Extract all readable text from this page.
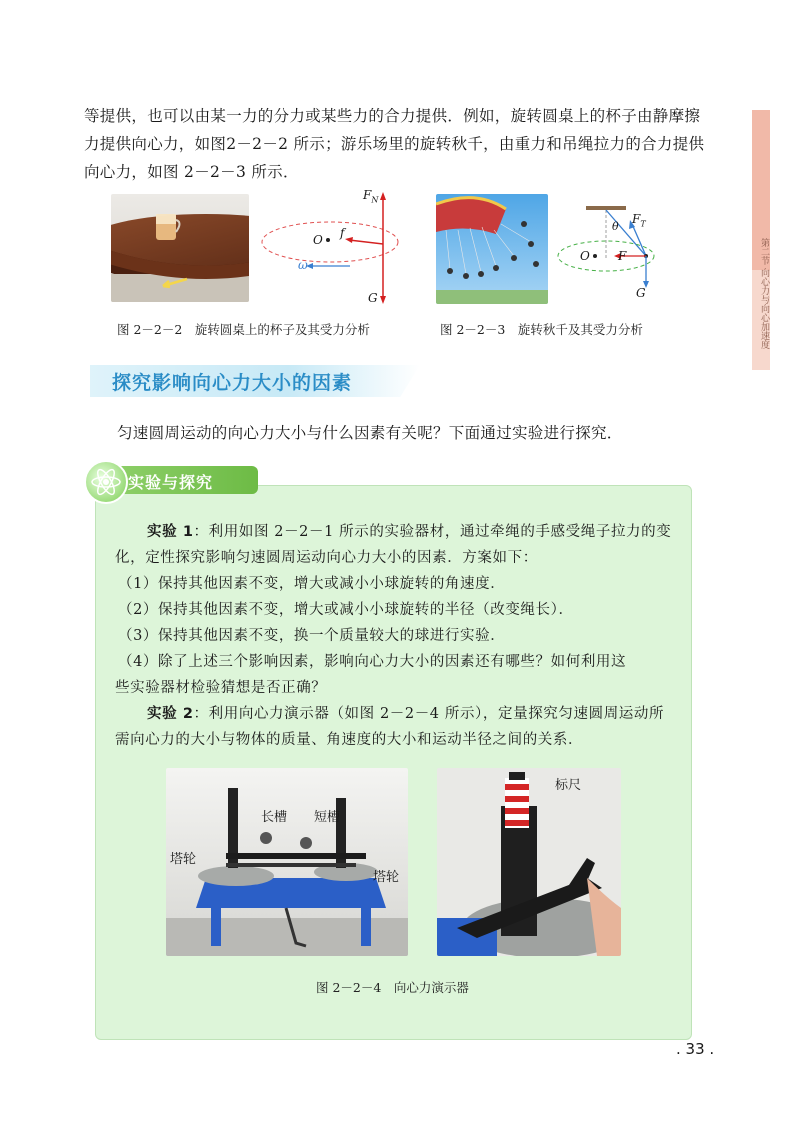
第二节 向心力与向心加速度
等提供，也可以由某一力的分力或某些力的合力提供．例如，旋转圆桌上的杯子由静摩擦
力提供向心力，如图2－2－2 所示；游乐场里的旋转秋千，由重力和吊绳拉力的合力提供
向心力，如图 2－2－3 所示．
$F_N$
O f
ω
G
$F_T$
θ
O F
G
图 2－2－2　旋转圆桌上的杯子及其受力分析	图 2－2－3　旋转秋千及其受力分析
探究影响向心力大小的因素
匀速圆周运动的向心力大小与什么因素有关呢？下面通过实验进行探究．
实验与探究
实验 1：利用如图 2－2－1 所示的实验器材，通过牵绳的手感受绳子拉力的变
化，定性探究影响匀速圆周运动向心力大小的因素．方案如下：
（1）保持其他因素不变，增大或减小小球旋转的角速度．
（2）保持其他因素不变，增大或减小小球旋转的半径（改变绳长）．
（3）保持其他因素不变，换一个质量较大的球进行实验．
（4）除了上述三个影响因素，影响向心力大小的因素还有哪些？如何利用这
些实验器材检验猜想是否正确？
实验 2：利用向心力演示器（如图 2－2－4 所示），定量探究匀速圆周运动所
需向心力的大小与物体的质量、角速度的大小和运动半径之间的关系．
长槽 短槽
塔轮
塔轮
标尺
图 2－2－4　向心力演示器
. 33 .
